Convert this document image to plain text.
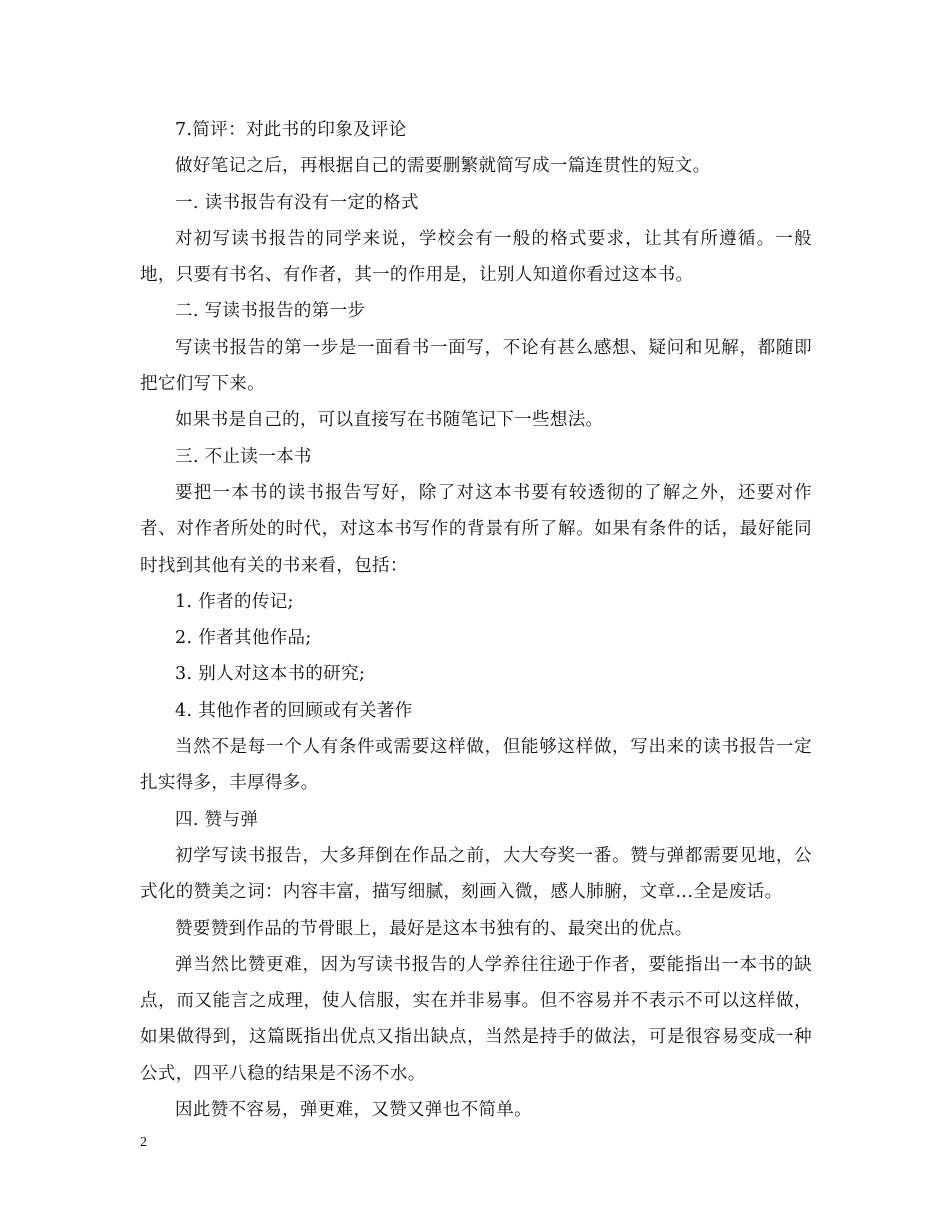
7.简评：对此书的印象及评论

做好笔记之后，再根据自己的需要删繁就简写成一篇连贯性的短文。

一. 读书报告有没有一定的格式

对初写读书报告的同学来说，学校会有一般的格式要求，让其有所遵循。一般地，只要有书名、有作者，其一的作用是，让别人知道你看过这本书。

二. 写读书报告的第一步

写读书报告的第一步是一面看书一面写，不论有甚么感想、疑问和见解，都随即把它们写下来。

如果书是自己的，可以直接写在书随笔记下一些想法。

三. 不止读一本书

要把一本书的读书报告写好，除了对这本书要有较透彻的了解之外，还要对作者、对作者所处的时代，对这本书写作的背景有所了解。如果有条件的话，最好能同时找到其他有关的书来看，包括：

1. 作者的传记;

2. 作者其他作品;

3. 别人对这本书的研究;

4. 其他作者的回顾或有关著作

当然不是每一个人有条件或需要这样做，但能够这样做，写出来的读书报告一定扎实得多，丰厚得多。

四. 赞与弹

初学写读书报告，大多拜倒在作品之前，大大夸奖一番。赞与弹都需要见地，公式化的赞美之词：内容丰富，描写细腻，刻画入微，感人肺腑，文章...全是废话。

赞要赞到作品的节骨眼上，最好是这本书独有的、最突出的优点。

弹当然比赞更难，因为写读书报告的人学养往往逊于作者，要能指出一本书的缺点，而又能言之成理，使人信服，实在并非易事。但不容易并不表示不可以这样做，如果做得到，这篇既指出优点又指出缺点，当然是持手的做法，可是很容易变成一种公式，四平八稳的结果是不汤不水。

因此赞不容易，弹更难，又赞又弹也不简单。

2
